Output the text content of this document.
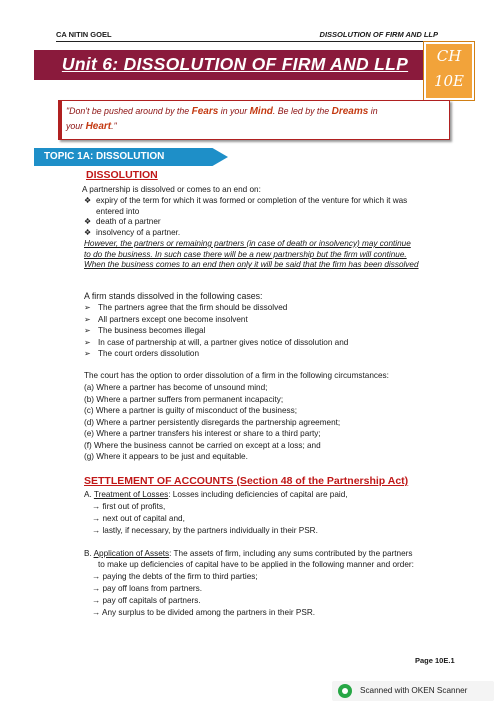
CA NITIN GOEL	DISSOLUTION OF FIRM AND LLP
Unit 6: DISSOLUTION OF FIRM AND LLP	CH
10E
"Don't be pushed around by the Fears in your Mind. Be led by the Dreams in
your Heart."
TOPIC 1A: DISSOLUTION
DISSOLUTION
A partnership is dissolved or comes to an end on:
❖ expiry of the term for which it was formed or completion of the venture for which it was
entered into
❖ death of a partner
❖ insolvency of a partner.
However, the partners or remaining partners (in case of death or insolvency) may continue
to do the business. In such case there will be a new partnership but the firm will continue.
When the business comes to an end then only it will be said that the firm has been dissolved
A firm stands dissolved in the following cases:
➢ The partners agree that the firm should be dissolved
➢ All partners except one become insolvent
➢ The business becomes illegal
➢ In case of partnership at will, a partner gives notice of dissolution and
➢ The court orders dissolution
The court has the option to order dissolution of a firm in the following circumstances:
(a) Where a partner has become of unsound mind;
(b) Where a partner suffers from permanent incapacity;
(c) Where a partner is guilty of misconduct of the business;
(d) Where a partner persistently disregards the partnership agreement;
(e) Where a partner transfers his interest or share to a third party;
(f) Where the business cannot be carried on except at a loss; and
(g) Where it appears to be just and equitable.
SETTLEMENT OF ACCOUNTS (Section 48 of the Partnership Act)
A. Treatment of Losses: Losses including deficiencies of capital are paid,
→ first out of profits,
→ next out of capital and,
→ lastly, if necessary, by the partners individually in their PSR.
B. Application of Assets: The assets of firm, including any sums contributed by the partners
to make up deficiencies of capital have to be applied in the following manner and order:
→ paying the debts of the firm to third parties;
→ pay off loans from partners.
→ pay off capitals of partners.
→ Any surplus to be divided among the partners in their PSR.
Page 10E.1
Scanned with OKEN Scanner
